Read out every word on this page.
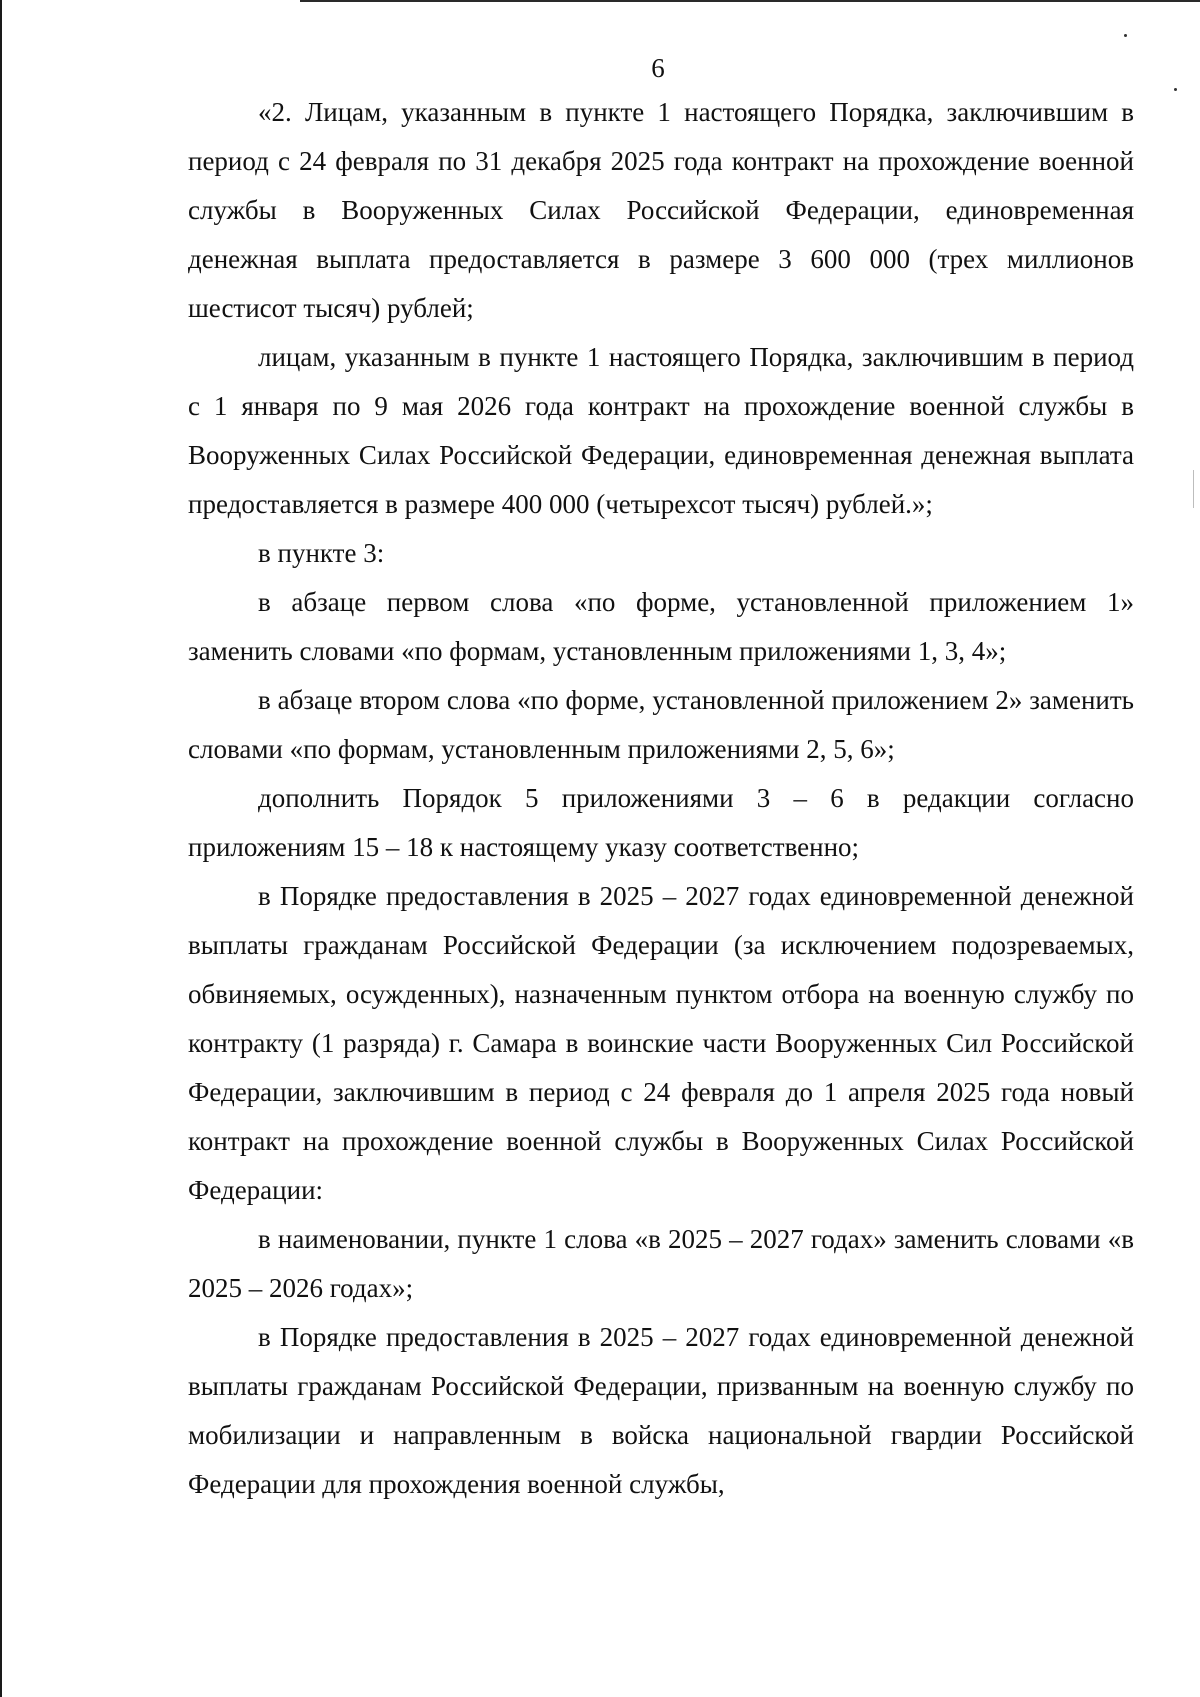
6

«2. Лицам, указанным в пункте 1 настоящего Порядка, заключившим в период с 24 февраля по 31 декабря 2025 года контракт на прохождение военной службы в Вооруженных Силах Российской Федерации, единовременная денежная выплата предоставляется в размере 3 600 000 (трех миллионов шестисот тысяч) рублей;

лицам, указанным в пункте 1 настоящего Порядка, заключившим в период с 1 января по 9 мая 2026 года контракт на прохождение военной службы в Вооруженных Силах Российской Федерации, единовременная денежная выплата предоставляется в размере 400 000 (четырехсот тысяч) рублей.»;

в пункте 3:

в абзаце первом слова «по форме, установленной приложением 1» заменить словами «по формам, установленным приложениями 1, 3, 4»;

в абзаце втором слова «по форме, установленной приложением 2» заменить словами «по формам, установленным приложениями 2, 5, 6»;

дополнить Порядок 5 приложениями 3 – 6 в редакции согласно приложениям 15 – 18 к настоящему указу соответственно;

в Порядке предоставления в 2025 – 2027 годах единовременной денежной выплаты гражданам Российской Федерации (за исключением подозреваемых, обвиняемых, осужденных), назначенным пунктом отбора на военную службу по контракту (1 разряда) г. Самара в воинские части Вооруженных Сил Российской Федерации, заключившим в период с 24 февраля до 1 апреля 2025 года новый контракт на прохождение военной службы в Вооруженных Силах Российской Федерации:

в наименовании, пункте 1 слова «в 2025 – 2027 годах» заменить словами «в 2025 – 2026 годах»;

в Порядке предоставления в 2025 – 2027 годах единовременной денежной выплаты гражданам Российской Федерации, призванным на военную службу по мобилизации и направленным в войска национальной гвардии Российской Федерации для прохождения военной службы,
